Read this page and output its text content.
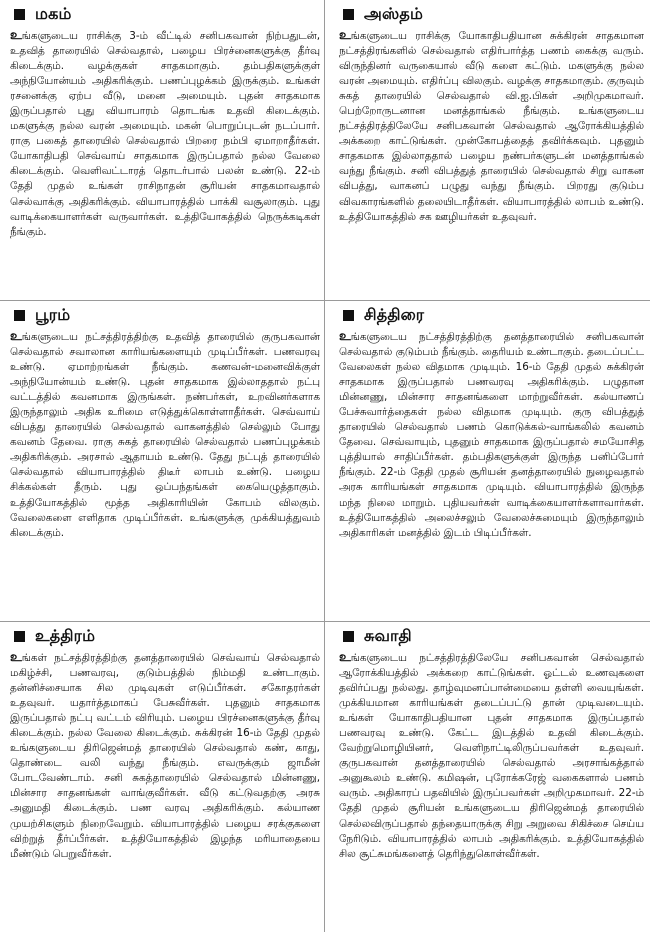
மகம்

உங்களுடைய ராசிக்கு 3-ம் வீட்டில் சனிபகவான் நிற்பதுடன், உதவித் தாரையில் செல்வதால், பழைய பிரச்னைகளுக்கு தீர்வு கிடைக்கும். வழக்குகள் சாதகமாகும். தம்பதிகளுக்குள் அந்நியோன்யம் அதிகரிக்கும். பணப்புழக்கம் இருக்கும். உங்கள் ரசனைக்கு ஏற்ப வீடு, மனை அமையும். புதன் சாதகமாக இருப்பதால் புது வியாபாரம் தொடங்க உதவி கிடைக்கும். மகளுக்கு நல்ல வரன் அமையும். மகன் பொறுப்புடன் நடப்பார். ராகு பகைத் தாரையில் செல்வதால் பிறரை நம்பி ஏமாறாதீர்கள். யோகாதிபதி செவ்வாய் சாதகமாக இருப்பதால் நல்ல வேலை கிடைக்கும். வெளிவட்டாரத் தொடர்பால் பலன் உண்டு. 22-ம் தேதி முதல் உங்கள் ராசிநாதன் சூரியன் சாதகமாவதால் செல்வாக்கு அதிகரிக்கும். வியாபாரத்தில் பாக்கி வசூலாகும். புது வாடிக்கையாளர்கள் வருவார்கள். உத்தியோகத்தில் நெருக்கடிகள் நீங்கும்.

அஸ்தம்

உங்களுடைய ராசிக்கு யோகாதிபதியான சுக்கிரன் சாதகமான நட்சத்திரங்களில் செல்வதால் எதிர்பார்த்த பணம் கைக்கு வரும். விருந்தினர் வருகையால் வீடு களை கட்டும். மகளுக்கு நல்ல வரன் அமையும். எதிர்ப்பு விலகும். வழக்கு சாதகமாகும். குருவும் சுகத் தாரையில் செல்வதால் வி.ஐ.பிகள் அறிமுகமாவர். பெற்றோருடனான மனத்தாங்கல் நீங்கும். உங்களுடைய நட்சத்திரத்திலேயே சனிபகவான் செல்வதால் ஆரோக்கியத்தில் அக்கறை காட்டுங்கள். முன்கோபத்தைத் தவிர்க்கவும். புதனும் சாதகமாக இல்லாததால் பழைய நண்பர்களுடன் மனத்தாங்கல் வந்து நீங்கும். சனி விபத்துத் தாரையில் செல்வதால் சிறு வாகன விபத்து, வாகனப் பழுது வந்து நீங்கும். பிறரது குடும்ப விவகாரங்களில் தலையிடாதீர்கள். வியாபாரத்தில் லாபம் உண்டு. உத்தியோகத்தில் சக ஊழியர்கள் உதவுவர்.

பூரம்

உங்களுடைய நட்சத்திரத்திற்கு உதவித் தாரையில் குருபகவான் செல்வதால் சவாலான காரியங்களையும் முடிப்பீர்கள். பணவரவு உண்டு. ஏமாற்றங்கள் நீங்கும். கணவன்-மனைவிக்குள் அந்நியோன்யம் உண்டு. புதன் சாதகமாக இல்லாததால் நட்பு வட்டத்தில் கவனமாக இருங்கள். நண்பர்கள், உறவினர்களாக இருந்தாலும் அதிக உரிமை எடுத்துக்கொள்ளாதீர்கள். செவ்வாய் விபத்து தாரையில் செல்வதால் வாகனத்தில் செல்லும் போது கவனம் தேவை. ராகு சுகத் தாரையில் செல்வதால் பணப்புழக்கம் அதிகரிக்கும். அரசால் ஆதாயம் உண்டு. தேது நட்புத் தாரையில் செல்வதால் வியாபாரத்தில் திடீர் லாபம் உண்டு. பழைய சிக்கல்கள் தீரும். புது ஒப்பந்தங்கள் கையெழுத்தாகும். உத்தியோகத்தில் மூத்த அதிகாரியின் கோபம் விலகும். வேலைகளை எளிதாக முடிப்பீர்கள். உங்களுக்கு முக்கியத்துவம் கிடைக்கும்.

சித்திரை

உங்களுடைய நட்சத்திரத்திற்கு தனத்தாரையில் சனிபகவான் செல்வதால் குடும்பம் நீங்கும். தைரியம் உண்டாகும். தடைப்பட்ட வேலைகள் நல்ல விதமாக முடியும். 16-ம் தேதி முதல் சுக்கிரன் சாதகமாக இருப்பதால் பணவரவு அதிகரிக்கும். பழுதான மின்னணு, மின்சார சாதனங்களை மாற்றுவீர்கள். கல்யாணப் பேச்சுவார்த்தைகள் நல்ல விதமாக முடியும். குரு விபத்துத் தாரையில் செல்வதால் பணம் கொடுக்கல்-வாங்கலில் கவனம் தேவை. செவ்வாயும், புதனும் சாதகமாக இருப்பதால் சமயோசித புத்தியால் சாதிப்பீர்கள். தம்பதிகளுக்குள் இருந்த பனிப்போர் நீங்கும். 22-ம் தேதி முதல் சூரியன் தனத்தாரையில் நுழைவதால் அரசு காரியங்கள் சாதகமாக முடியும். வியாபாரத்தில் இருந்த மந்த நிலை மாறும். புதியவர்கள் வாடிக்கையாளர்களாவார்கள். உத்தியோகத்தில் அலைச்சலும் வேலைச்சுமையும் இருந்தாலும் அதிகாரிகள் மனத்தில் இடம் பிடிப்பீர்கள்.

உத்திரம்

உங்கள் நட்சத்திரத்திற்கு தனத்தாரையில் செவ்வாய் செல்வதால் மகிழ்ச்சி, பணவரவு, குடும்பத்தில் நிம்மதி உண்டாகும். தன்னிச்சையாக சில முடிவுகள் எடுப்பீர்கள். சகோதரர்கள் உதவுவர். யதார்த்தமாகப் பேசுவீர்கள். புதனும் சாதகமாக இருப்பதால் நட்பு வட்டம் விரியும். பழைய பிரச்னைகளுக்கு தீர்வு கிடைக்கும். நல்ல வேலை கிடைக்கும். சுக்கிரன் 16-ம் தேதி முதல் உங்களுடைய திரிஜென்மத் தாரையில் செல்வதால் கண், காது, தொண்டை வலி வந்து நீங்கும். எவருக்கும் ஜாமீன் போடவேண்டாம். சனி சுகத்தாரையில் செல்வதால் மின்னணு, மின்சார சாதனங்கள் வாங்குவீர்கள். வீடு கட்டுவதற்கு அரசு அனுமதி கிடைக்கும். பண வரவு அதிகரிக்கும். கல்யாண முயற்சிகளும் நிறைவேறும். வியாபாரத்தில் பழைய சரக்குகளை விற்றுத் தீர்ப்பீர்கள். உத்தியோகத்தில் இழந்த மரியாதையை மீண்டும் பெறுவீர்கள்.

சுவாதி

உங்களுடைய நட்சத்திரத்திலேயே சனிபகவான் செல்வதால் ஆரோக்கியத்தில் அக்கறை காட்டுங்கள். ஓட்டல் உணவுகளை தவிர்ப்பது நல்லது. தாழ்வுமனப்பான்மையை தள்ளி வையுங்கள். முக்கியமான காரியங்கள் தடைப்பட்டு தான் முடிவடையும். உங்கள் யோகாதிபதியான புதன் சாதகமாக இருப்பதால் பணவரவு உண்டு. கேட்ட இடத்தில் உதவி கிடைக்கும். வேற்றுமொழியினர், வெளிநாட்டிலிருப்பவர்கள் உதவுவர். குருபகவான் தனத்தாரையில் செல்வதால் அரசாங்கத்தால் அனுகூலம் உண்டு. கமிஷன், புரோக்கரேஜ் வகைகளால் பணம் வரும். அதிகாரப் பதவியில் இருப்பவர்கள் அறிமுகமாவர். 22-ம் தேதி முதல் சூரியன் உங்களுடைய திரிஜென்மத் தாரையில் செல்லவிருப்பதால் தந்தையாருக்கு சிறு அறுவை சிகிச்சை செய்ய நேரிடும். வியாபாரத்தில் லாபம் அதிகரிக்கும். உத்தியோகத்தில் சில சூட்சுமங்களைத் தெரிந்துகொள்வீர்கள்.
